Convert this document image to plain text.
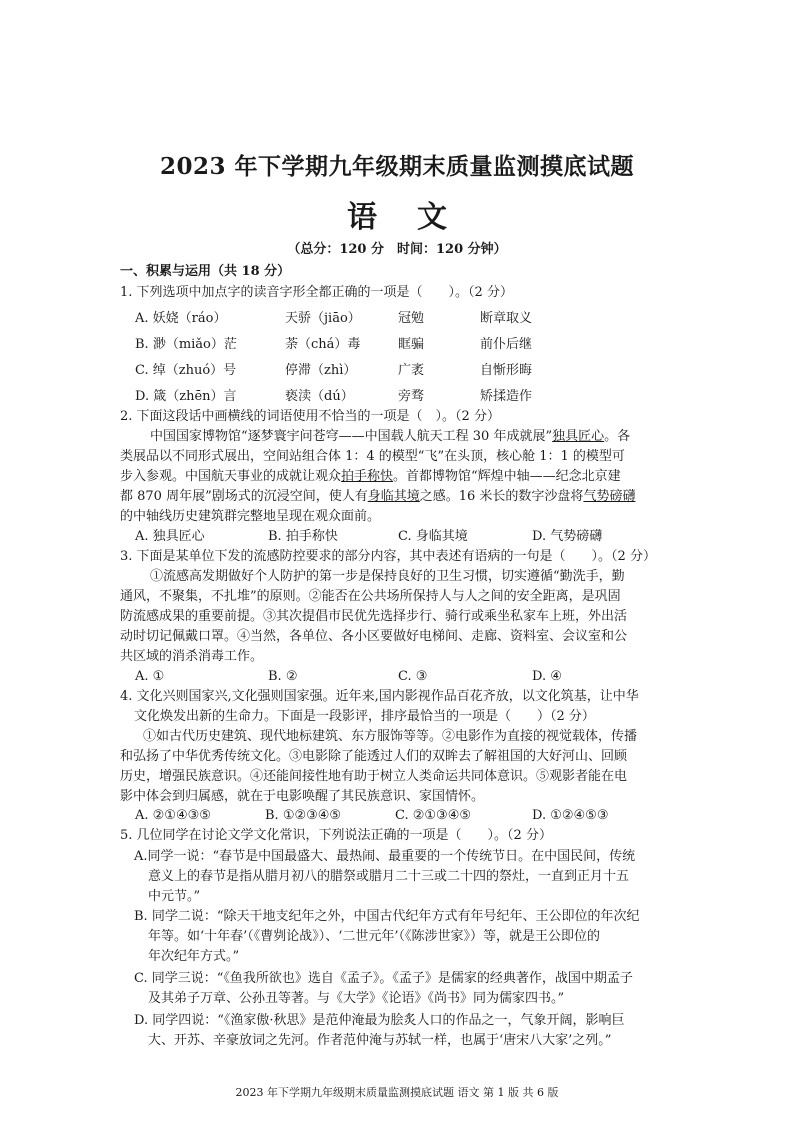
2023 年下学期九年级期末质量监测摸底试题
语文
（总分：120 分　时间：120 分钟）
一、积累与运用（共 18 分）
1. 下列选项中加点字的读音字形全都正确的一项是（　　）。（2 分）
A. 妖娆（ráo）	天骄（jiāo）	冠勉	断章取义
B. 渺（miǎo）茫	荼（chá）毒	眶骗	前仆后继
C. 绰（zhuó）号	停滞（zhì）	广袤	自惭形晦
D. 箴（zhēn）言	亵渎（dú）	旁骛	矫揉造作
2. 下面这段话中画横线的词语使用不恰当的一项是（　）。（2 分）
中国国家博物馆“逐梦寰宇问苍穹——中国载人航天工程 30 年成就展”独具匠心。各
类展品以不同形式展出，空间站组合体 1：4 的模型“飞”在头顶，核心舱 1：1 的模型可
步入参观。中国航天事业的成就让观众拍手称快。首都博物馆“辉煌中轴——纪念北京建
都 870 周年展”剧场式的沉浸空间，使人有身临其境之感。16 米长的数字沙盘将气势磅礴
的中轴线历史建筑群完整地呈现在观众面前。
A. 独具匠心	B. 拍手称快	C. 身临其境	D. 气势磅礴
3. 下面是某单位下发的流感防控要求的部分内容，其中表述有语病的一句是（　　）。（2 分）
①流感高发期做好个人防护的第一步是保持良好的卫生习惯，切实遵循“勤洗手，勤
通风，不聚集，不扎堆”的原则。②能否在公共场所保持人与人之间的安全距离，是巩固
防流感成果的重要前提。③其次提倡市民优先选择步行、骑行或乘坐私家车上班，外出活
动时切记佩戴口罩。④当然，各单位、各小区要做好电梯间、走廊、资料室、会议室和公
共区域的消杀消毒工作。
A. ①	B. ②	C. ③	D. ④
4. 文化兴则国家兴,文化强则国家强。近年来,国内影视作品百花齐放，以文化筑基，让中华
文化焕发出新的生命力。下面是一段影评，排序最恰当的一项是（　　）（2 分）
①如古代历史建筑、现代地标建筑、东方服饰等等。②电影作为直接的视觉载体，传播
和弘扬了中华优秀传统文化。③电影除了能透过人们的双眸去了解祖国的大好河山、回顾
历史，增强民族意识。④还能间接性地有助于树立人类命运共同体意识。⑤观影者能在电
影中体会到归属感，就在于电影唤醒了其民族意识、家国情怀。
A. ②①④③⑤	B. ①②③④⑤	C. ②①③④⑤	D. ①②④⑤③
5. 几位同学在讨论文学文化常识，下列说法正确的一项是（　　）。（2 分）
A.同学一说：“春节是中国最盛大、最热闹、最重要的一个传统节日。在中国民间，传统
意义上的春节是指从腊月初八的腊祭或腊月二十三或二十四的祭灶，一直到正月十五
中元节。”
B. 同学二说：“除天干地支纪年之外，中国古代纪年方式有年号纪年、王公即位的年次纪
年等。如‘十年春’（《曹刿论战》）、‘二世元年’（《陈涉世家》）等，就是王公即位的
年次纪年方式。”
C. 同学三说：“《鱼我所欲也》选自《孟子》。《孟子》是儒家的经典著作，战国中期孟子
及其弟子万章、公孙丑等著。与《大学》《论语》《尚书》同为儒家四书。”
D. 同学四说：“《渔家傲·秋思》是范仲淹最为脍炙人口的作品之一，气象开阔，影响巨
大、开苏、辛豪放词之先河。作者范仲淹与苏轼一样，也属于‘唐宋八大家’之列。”
2023 年下学期九年级期末质量监测摸底试题 语文 第 1 版 共 6 版
